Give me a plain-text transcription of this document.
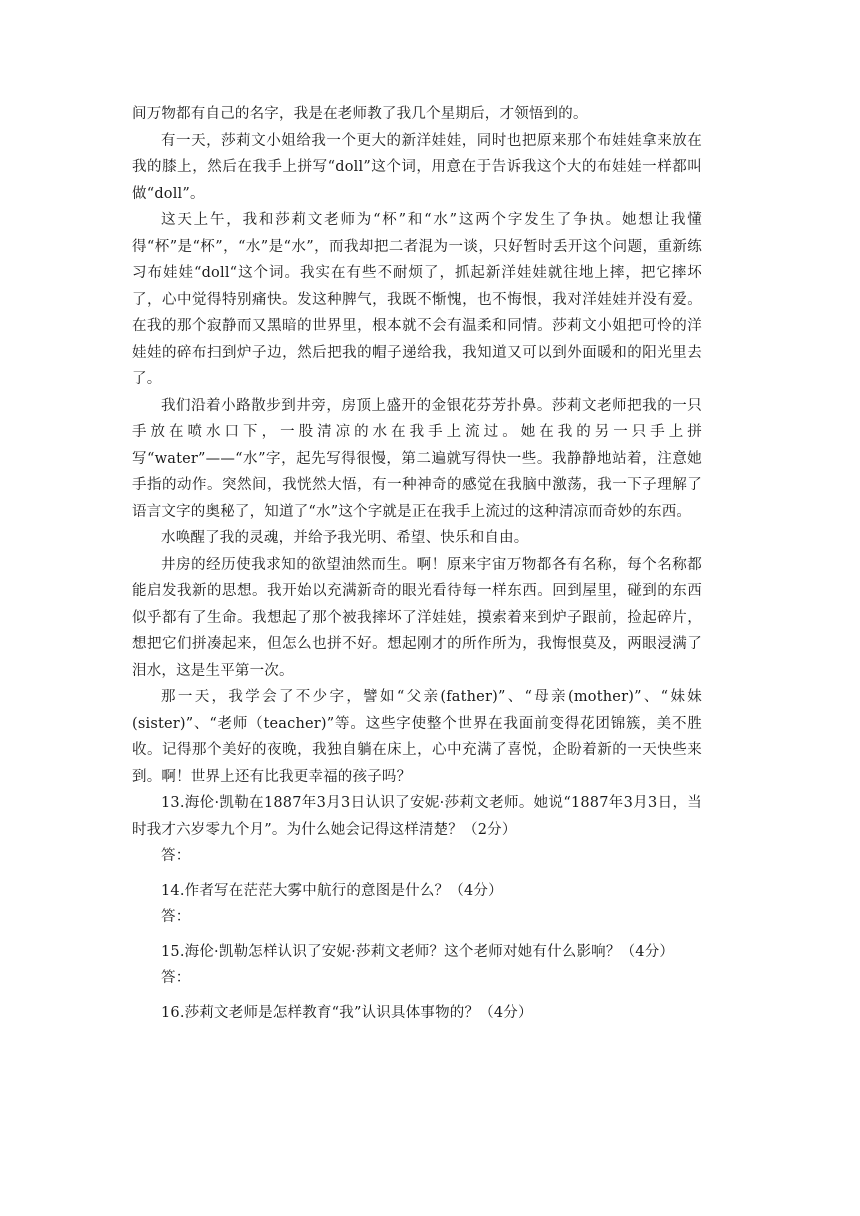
间万物都有自己的名字，我是在老师教了我几个星期后，才领悟到的。

有一天，莎莉文小姐给我一个更大的新洋娃娃，同时也把原来那个布娃娃拿来放在我的膝上，然后在我手上拼写“doll”这个词，用意在于告诉我这个大的布娃娃一样都叫做“doll”。

这天上午，我和莎莉文老师为“杯”和“水”这两个字发生了争执。她想让我懂得“杯”是“杯”，“水”是“水”，而我却把二者混为一谈，只好暂时丢开这个问题，重新练习布娃娃“doll“这个词。我实在有些不耐烦了，抓起新洋娃娃就往地上摔，把它摔坏了，心中觉得特别痛快。发这种脾气，我既不惭愧，也不悔恨，我对洋娃娃并没有爱。在我的那个寂静而又黑暗的世界里，根本就不会有温柔和同情。莎莉文小姐把可怜的洋娃娃的碎布扫到炉子边，然后把我的帽子递给我，我知道又可以到外面暖和的阳光里去了。

我们沿着小路散步到井旁，房顶上盛开的金银花芬芳扑鼻。莎莉文老师把我的一只手放在喷水口下，一股清凉的水在我手上流过。她在我的另一只手上拼写“water”——“水”字，起先写得很慢，第二遍就写得快一些。我静静地站着，注意她手指的动作。突然间，我恍然大悟，有一种神奇的感觉在我脑中激荡，我一下子理解了语言文字的奥秘了，知道了“水”这个字就是正在我手上流过的这种清凉而奇妙的东西。

水唤醒了我的灵魂，并给予我光明、希望、快乐和自由。

井房的经历使我求知的欲望油然而生。啊！原来宇宙万物都各有名称，每个名称都能启发我新的思想。我开始以充满新奇的眼光看待每一样东西。回到屋里，碰到的东西似乎都有了生命。我想起了那个被我摔坏了洋娃娃，摸索着来到炉子跟前，捡起碎片，想把它们拼凑起来，但怎么也拼不好。想起刚才的所作所为，我悔恨莫及，两眼浸满了泪水，这是生平第一次。

那一天，我学会了不少字，譬如“父亲(father)”、“母亲(mother)”、“妹妹(sister)”、“老师（teacher)”等。这些字使整个世界在我面前变得花团锦簇，美不胜收。记得那个美好的夜晚，我独自躺在床上，心中充满了喜悦，企盼着新的一天快些来到。啊！世界上还有比我更幸福的孩子吗？

13.海伦·凯勒在1887年3月3日认识了安妮·莎莉文老师。她说“1887年3月3日，当时我才六岁零九个月”。为什么她会记得这样清楚？（2分）

答：

14.作者写在茫茫大雾中航行的意图是什么？（4分）

答：

15.海伦·凯勒怎样认识了安妮·莎莉文老师？这个老师对她有什么影响？（4分）

答：

16.莎莉文老师是怎样教育“我”认识具体事物的？（4分）
